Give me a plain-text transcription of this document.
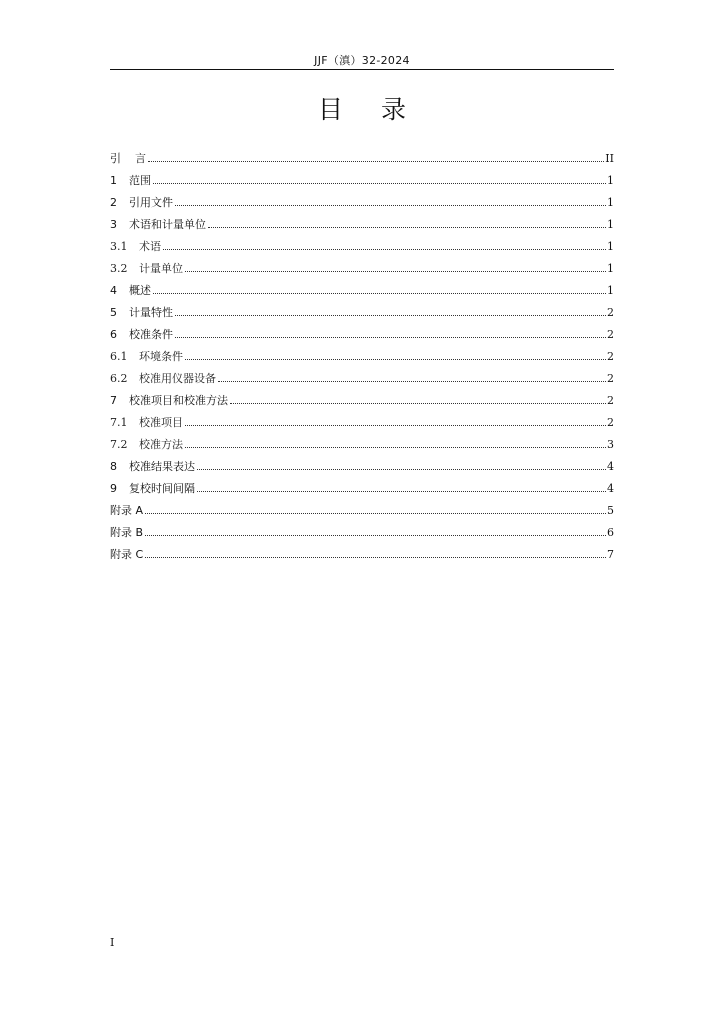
JJF（滇）32-2024
目录
引    言	II
1 范围	1
2 引用文件	1
3 术语和计量单位	1
3.1 术语	1
3.2 计量单位	1
4 概述	1
5 计量特性	2
6 校准条件	2
6.1 环境条件	2
6.2 校准用仪器设备	2
7 校准项目和校准方法	2
7.1 校准项目	2
7.2 校准方法	3
8 校准结果表达	4
9 复校时间间隔	4
附录 A	5
附录 B	6
附录 C	7
I
